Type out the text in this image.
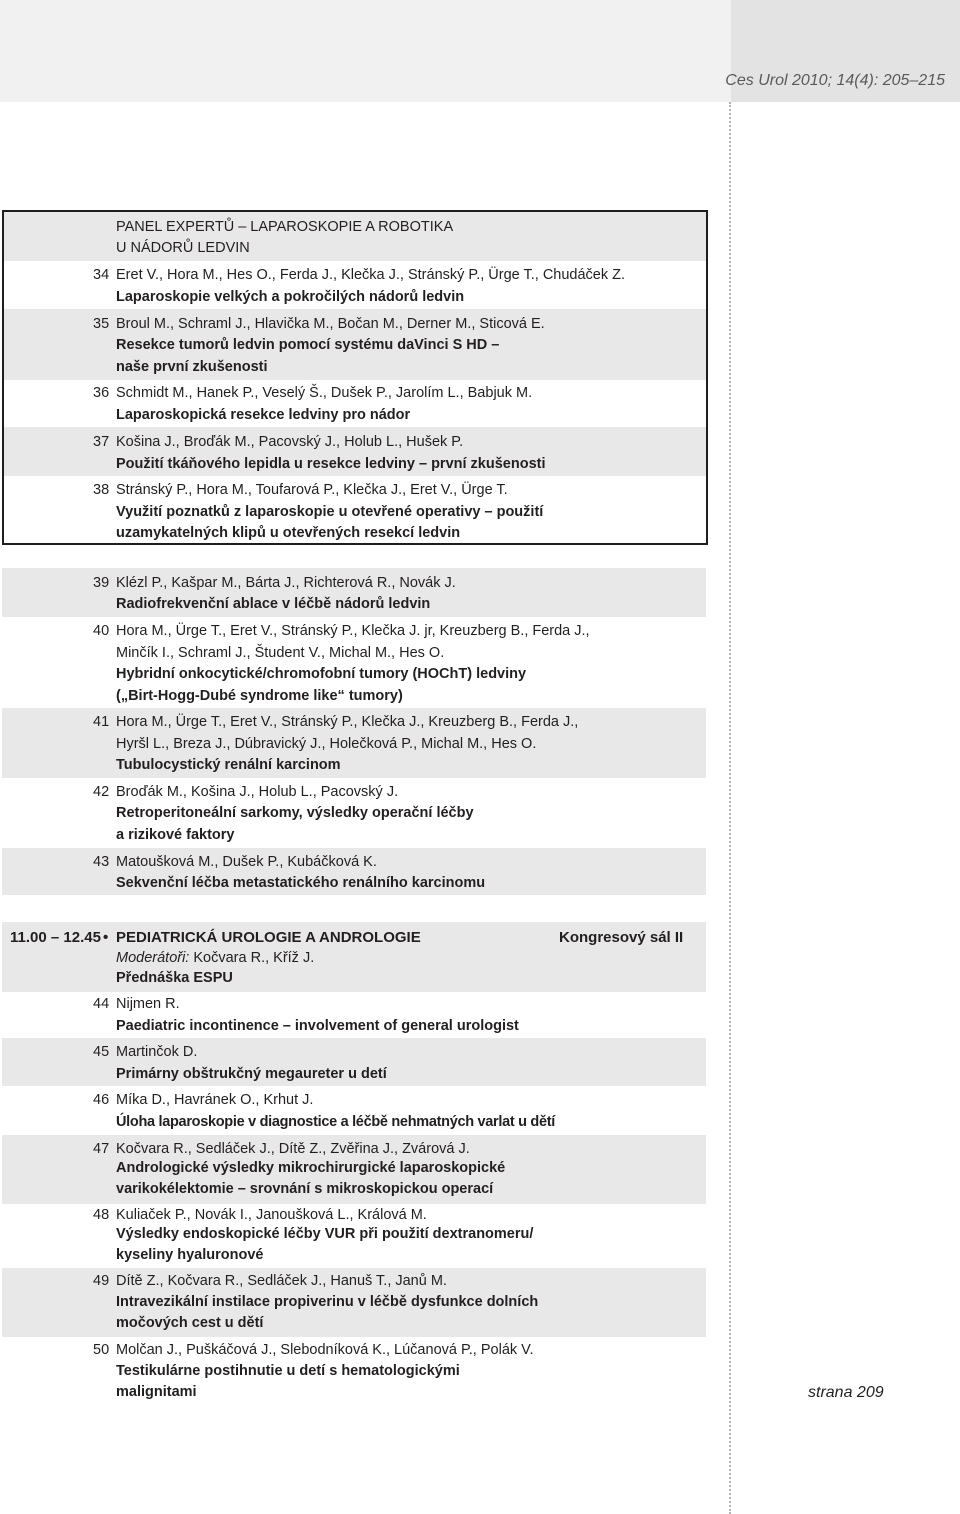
Ces Urol 2010; 14(4): 205–215
PANEL EXPERTŮ – LAPAROSKOPIE A ROBOTIKA
U NÁDORŮ LEDVIN
34 Eret V., Hora M., Hes O., Ferda J., Klečka J., Stránský P., Ürge T., Chudáček Z.
Laparoskopie velkých a pokročilých nádorů ledvin
35 Broul M., Schraml J., Hlavička M., Bočan M., Derner M., Sticová E.
Resekce tumorů ledvin pomocí systému daVinci S HD –
naše první zkušenosti
36 Schmidt M., Hanek P., Veselý Š., Dušek P., Jarolím L., Babjuk M.
Laparoskopická resekce ledviny pro nádor
37 Košina J., Broďák M., Pacovský J., Holub L., Hušek P.
Použití tkáňového lepidla u resekce ledviny – první zkušenosti
38 Stránský P., Hora M., Toufarová P., Klečka J., Eret V., Ürge T.
Využití poznatků z laparoskopie u otevřené operativy – použití
uzamykatelných klipů u otevřených resekcí ledvin
39 Klézl P., Kašpar M., Bárta J., Richterová R., Novák J.
Radiofrekvenční ablace v léčbě nádorů ledvin
40 Hora M., Ürge T., Eret V., Stránský P., Klečka J. jr, Kreuzberg B., Ferda J.,
Minčík I., Schraml J., Študent V., Michal M., Hes O.
Hybridní onkocytické/chromofobní tumory (HOChT) ledviny
(„Birt-Hogg-Dubé syndrome like“ tumory)
41 Hora M., Ürge T., Eret V., Stránský P., Klečka J., Kreuzberg B., Ferda J.,
Hyršl L., Breza J., Dúbravický J., Holečková P., Michal M., Hes O.
Tubulocystický renální karcinom
42 Broďák M., Košina J., Holub L., Pacovský J.
Retroperitoneální sarkomy, výsledky operační léčby
a rizikové faktory
43 Matoušková M., Dušek P., Kubáčková K.
Sekvenční léčba metastatického renálního karcinomu
11.00 – 12.45 • PEDIATRICKÁ UROLOGIE A ANDROLOGIE	Kongresový sál II
Moderátoři: Kočvara R., Kříž J.
Přednáška ESPU
44 Nijmen R.
Paediatric incontinence – involvement of general urologist
45 Martinčok D.
Primárny obštrukčný megaureter u detí
46 Míka D., Havránek O., Krhut J.
Úloha laparoskopie v diagnostice a léčbě nehmatných varlat u dětí
47 Kočvara R., Sedláček J., Dítě Z., Zvěřina J., Zvárová J.
Andrologické výsledky mikrochirurgické laparoskopické
varikokélektomie – srovnání s mikroskopickou operací
48 Kuliaček P., Novák I., Janoušková L., Králová M.
Výsledky endoskopické léčby VUR při použití dextranomeru/
kyseliny hyaluronové
49 Dítě Z., Kočvara R., Sedláček J., Hanuš T., Janů M.
Intravezikální instilace propiverinu v léčbě dysfunkce dolních
močových cest u dětí
50 Molčan J., Puškáčová J., Slebodníková K., Lúčanová P., Polák V.
Testikulárne postihnutie u detí s hematologickými
malignitami	strana 209
